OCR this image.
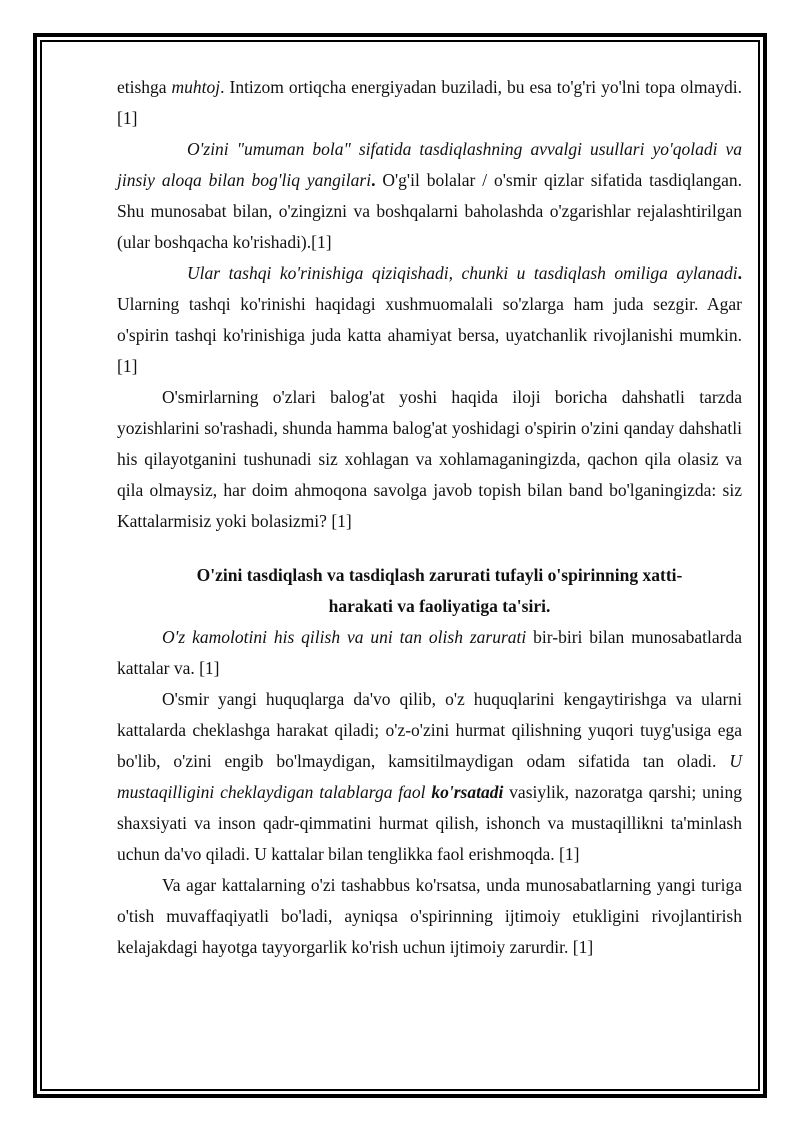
etishga muhtoj. Intizom ortiqcha energiyadan buziladi, bu esa to'g'ri yo'lni topa olmaydi.[1]

O'zini "umuman bola" sifatida tasdiqlashning avvalgi usullari yo'qoladi va jinsiy aloqa bilan bog'liq yangilari. O'g'il bolalar / o'smir qizlar sifatida tasdiqlangan. Shu munosabat bilan, o'zingizni va boshqalarni baholashda o'zgarishlar rejalashtirilgan (ular boshqacha ko'rishadi).[1]

Ular tashqi ko'rinishiga qiziqishadi, chunki u tasdiqlash omiliga aylanadi. Ularning tashqi ko'rinishi haqidagi xushmuomalali so'zlarga ham juda sezgir. Agar o'spirin tashqi ko'rinishiga juda katta ahamiyat bersa, uyatchanlik rivojlanishi mumkin.[1]

O'smirlarning o'zlari balog'at yoshi haqida iloji boricha dahshatli tarzda yozishlarini so'rashadi, shunda hamma balog'at yoshidagi o'spirin o'zini qanday dahshatli his qilayotganini tushunadi siz xohlagan va xohlamaganingizda, qachon qila olasiz va qila olmaysiz, har doim ahmoqona savolga javob topish bilan band bo'lganingizda: siz Kattalarmisiz yoki bolasizmi? [1]

O'zini tasdiqlash va tasdiqlash zarurati tufayli o'spirinning xatti-
harakati va faoliyatiga ta'siri.

O'z kamolotini his qilish va uni tan olish zarurati bir-biri bilan munosabatlarda kattalar va. [1]

O'smir yangi huquqlarga da'vo qilib, o'z huquqlarini kengaytirishga va ularni kattalarda cheklashga harakat qiladi; o'z-o'zini hurmat qilishning yuqori tuyg'usiga ega bo'lib, o'zini engib bo'lmaydigan, kamsitilmaydigan odam sifatida tan oladi. U mustaqilligini cheklaydigan talablarga faol ko'rsatadi vasiylik, nazoratga qarshi; uning shaxsiyati va inson qadr-qimmatini hurmat qilish, ishonch va mustaqillikni ta'minlash uchun da'vo qiladi. U kattalar bilan tenglikka faol erishmoqda. [1]

Va agar kattalarning o'zi tashabbus ko'rsatsa, unda munosabatlarning yangi turiga o'tish muvaffaqiyatli bo'ladi, ayniqsa o'spirinning ijtimoiy etukligini rivojlantirish kelajakdagi hayotga tayyorgarlik ko'rish uchun ijtimoiy zarurdir. [1]
